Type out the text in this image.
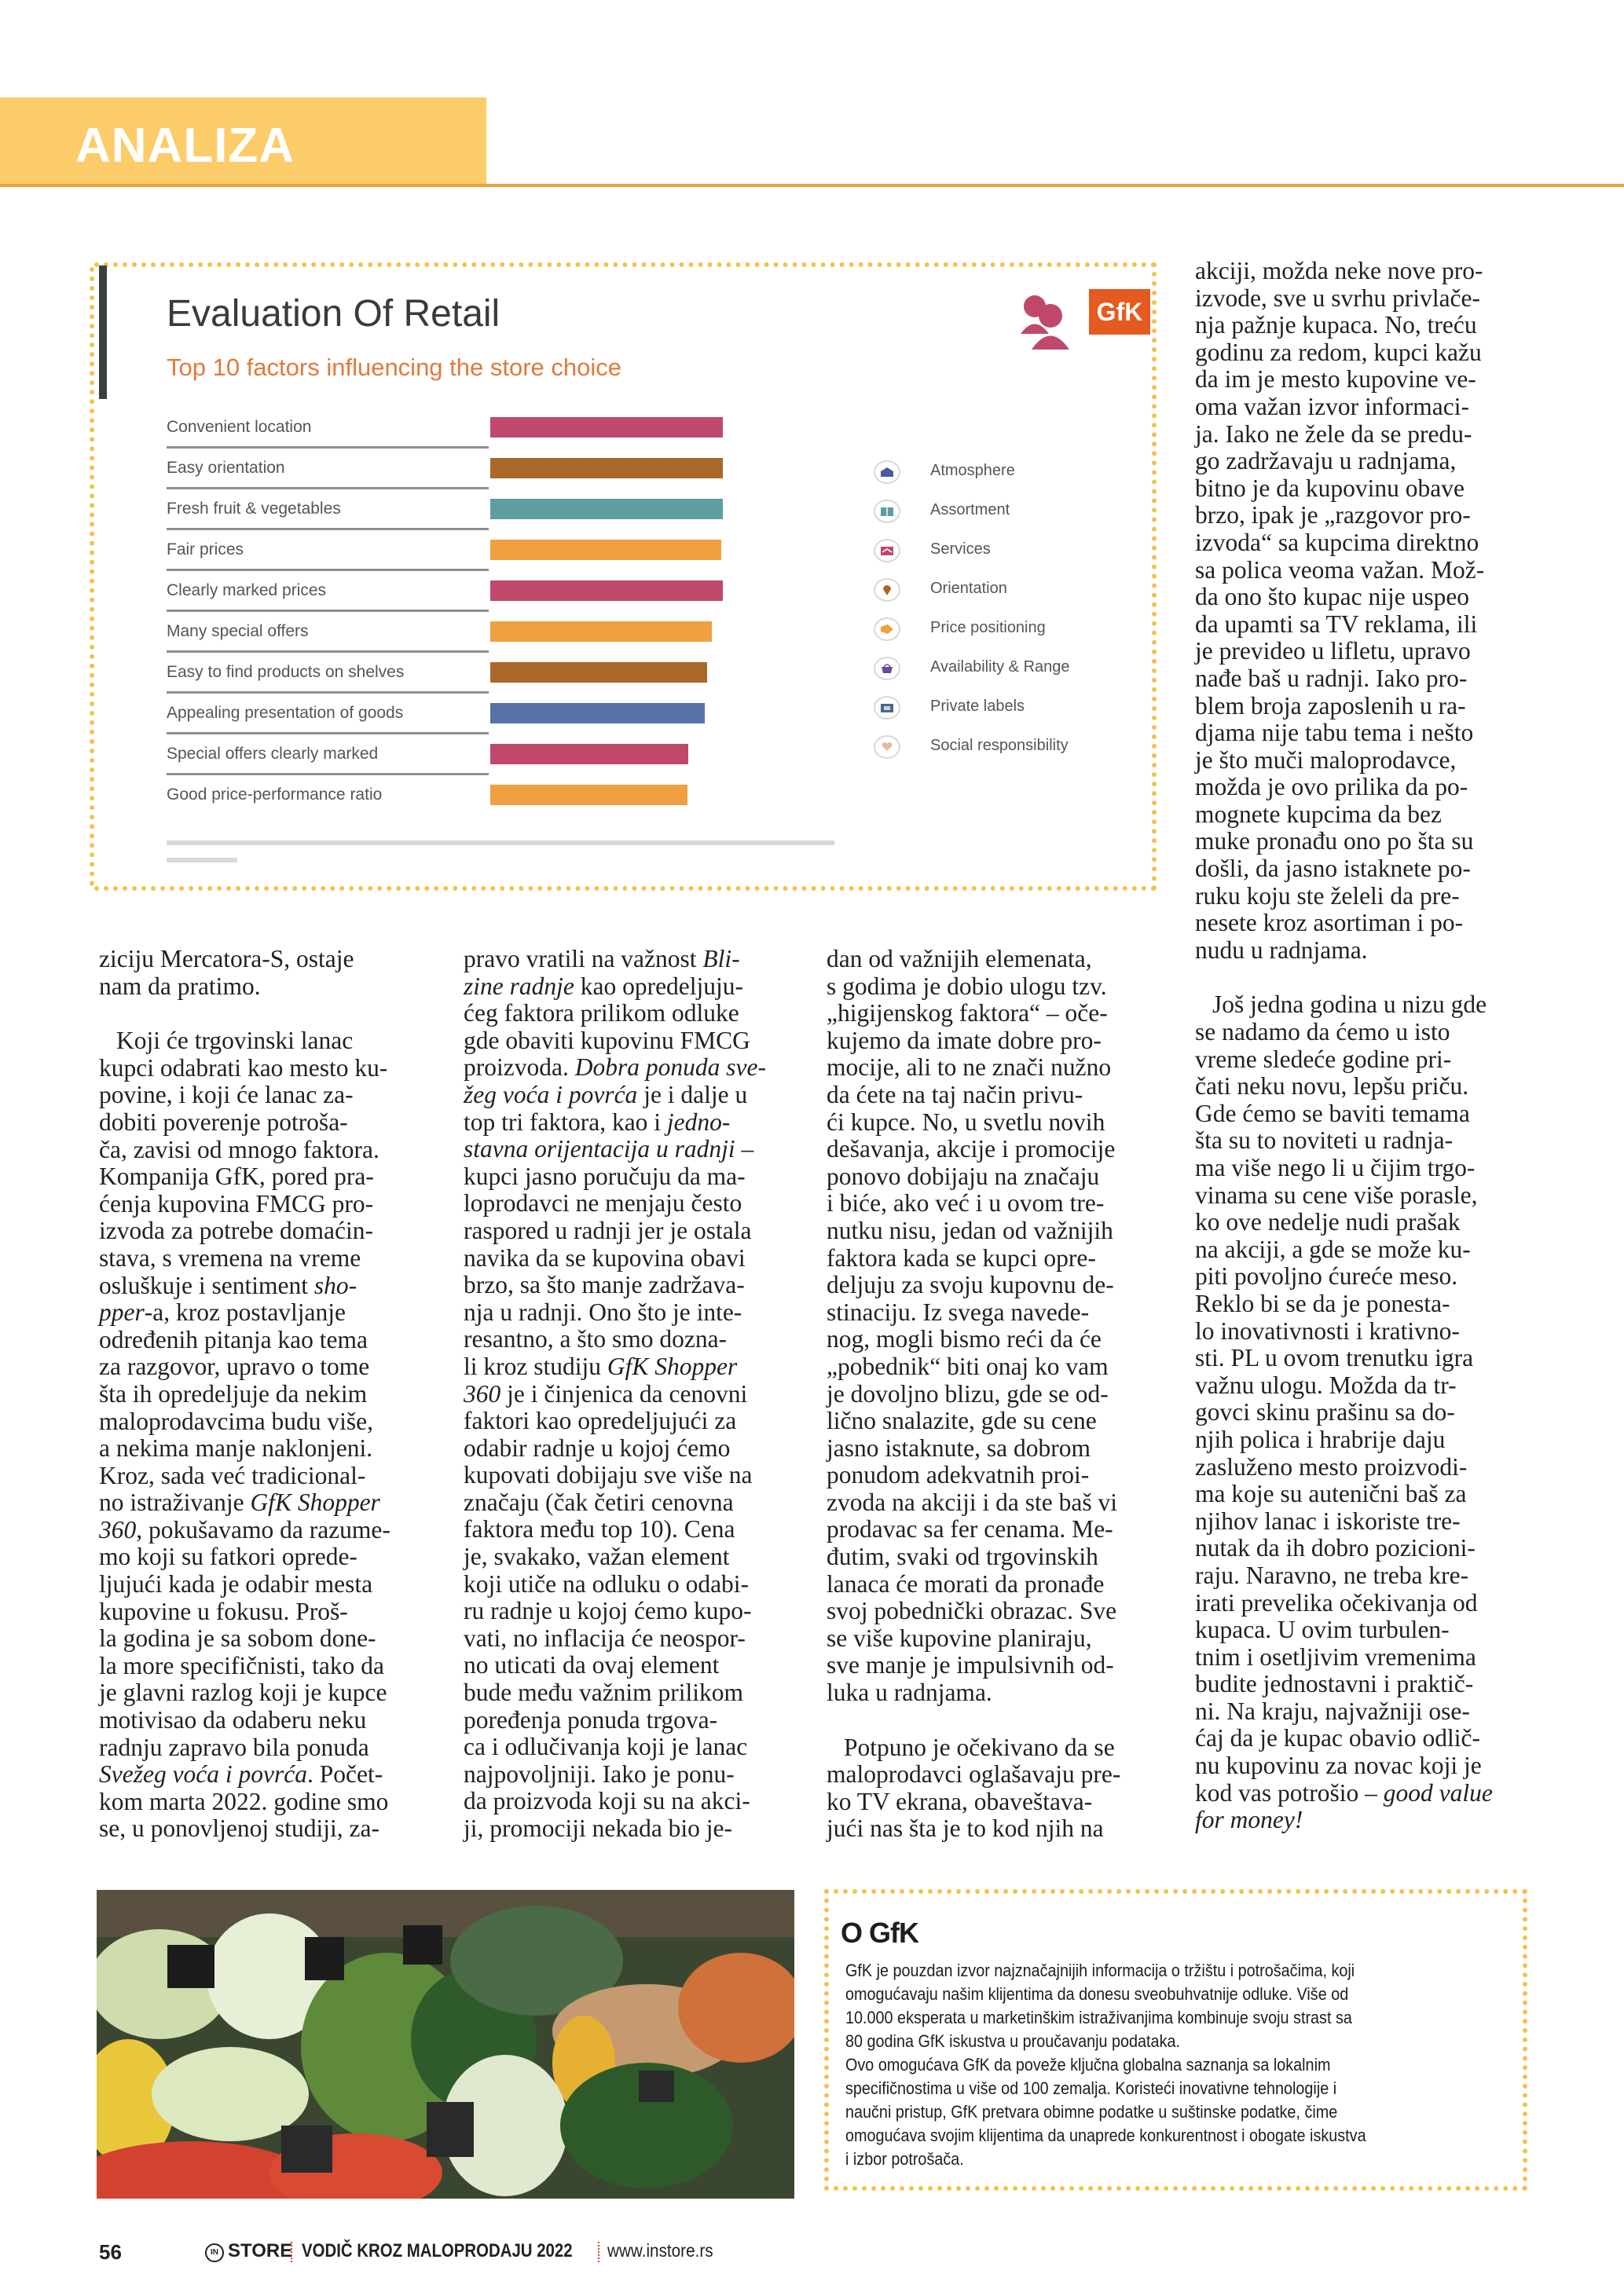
ANALIZA
Evaluation Of Retail
Top 10 factors influencing the store choice
GfK
Convenient location
Easy orientation
Fresh fruit & vegetables
Fair prices
Clearly marked prices
Many special offers
Easy to find products on shelves
Appealing presentation of goods
Special offers clearly marked
Good price-performance ratio
Atmosphere
Assortment
Services
Orientation
Price positioning
Availability & Range
Private labels
Social responsibility

ziciju Mercatora-S, ostaje
nam da pratimo.

Koji će trgovinski lanac
kupci odabrati kao mesto ku-
povine, i koji će lanac za-
dobiti poverenje potroša-
ča, zavisi od mnogo faktora.
Kompanija GfK, pored pra-
ćenja kupovina FMCG pro-
izvoda za potrebe domaćin-
stava, s vremena na vreme
osluškuje i sentiment sho-
pper-a, kroz postavljanje
određenih pitanja kao tema
za razgovor, upravo o tome
šta ih opredeljuje da nekim
maloprodavcima budu više,
a nekima manje naklonjeni.
Kroz, sada već tradicional-
no istraživanje GfK Shopper
360, pokušavamo da razume-
mo koji su fatkori oprede-
ljujući kada je odabir mesta
kupovine u fokusu. Proš-
la godina je sa sobom done-
la more specifičnisti, tako da
je glavni razlog koji je kupce
motivisao da odaberu neku
radnju zapravo bila ponuda
Svežeg voća i povrća. Počet-
kom marta 2022. godine smo
se, u ponovljenoj studiji, za-

pravo vratili na važnost Bli-
zine radnje kao opredeljuju-
ćeg faktora prilikom odluke
gde obaviti kupovinu FMCG
proizvoda. Dobra ponuda sve-
žeg voća i povrća je i dalje u
top tri faktora, kao i jedno-
stavna orijentacija u radnji –
kupci jasno poručuju da ma-
loprodavci ne menjaju često
raspored u radnji jer je ostala
navika da se kupovina obavi
brzo, sa što manje zadržava-
nja u radnji. Ono što je inte-
resantno, a što smo dozna-
li kroz studiju GfK Shopper
360 je i činjenica da cenovni
faktori kao opredeljujući za
odabir radnje u kojoj ćemo
kupovati dobijaju sve više na
značaju (čak četiri cenovna
faktora među top 10). Cena
je, svakako, važan element
koji utiče na odluku o odabi-
ru radnje u kojoj ćemo kupo-
vati, no inflacija će neospor-
no uticati da ovaj element
bude među važnim prilikom
poređenja ponuda trgova-
ca i odlučivanja koji je lanac
najpovoljniji. Iako je ponu-
da proizvoda koji su na akci-
ji, promociji nekada bio je-

dan od važnijih elemenata,
s godima je dobio ulogu tzv.
„higijenskog faktora“ – oče-
kujemo da imate dobre pro-
mocije, ali to ne znači nužno
da ćete na taj način privu-
ći kupce. No, u svetlu novih
dešavanja, akcije i promocije
ponovo dobijaju na značaju
i biće, ako već i u ovom tre-
nutku nisu, jedan od važnijih
faktora kada se kupci opre-
deljuju za svoju kupovnu de-
stinaciju. Iz svega navede-
nog, mogli bismo reći da će
„pobednik“ biti onaj ko vam
je dovoljno blizu, gde se od-
lično snalazite, gde su cene
jasno istaknute, sa dobrom
ponudom adekvatnih proi-
zvoda na akciji i da ste baš vi
prodavac sa fer cenama. Me-
đutim, svaki od trgovinskih
lanaca će morati da pronađe
svoj pobednički obrazac. Sve
se više kupovine planiraju,
sve manje je impulsivnih od-
luka u radnjama.

Potpuno je očekivano da se
maloprodavci oglašavaju pre-
ko TV ekrana, obaveštava-
jući nas šta je to kod njih na

akciji, možda neke nove pro-
izvode, sve u svrhu privlače-
nja pažnje kupaca. No, treću
godinu za redom, kupci kažu
da im je mesto kupovine ve-
oma važan izvor informaci-
ja. Iako ne žele da se predu-
go zadržavaju u radnjama,
bitno je da kupovinu obave
brzo, ipak je „razgovor pro-
izvoda“ sa kupcima direktno
sa polica veoma važan. Mož-
da ono što kupac nije uspeo
da upamti sa TV reklama, ili
je previdео u lifletu, upravo
nađe baš u radnji. Iako pro-
blem broja zaposlenih u ra-
djama nije tabu tema i nešto
je što muči maloprodavce,
možda je ovo prilika da po-
mognete kupcima da bez
muke pronađu ono po šta su
došli, da jasno istaknete po-
ruku koju ste želeli da pre-
nesete kroz asortiman i po-
nudu u radnjama.

Još jedna godina u nizu gde
se nadamo da ćemo u isto
vreme sledeće godine pri-
čati neku novu, lepšu priču.
Gde ćemo se baviti temama
šta su to noviteti u radnja-
ma više nego li u čijim trgo-
vinama su cene više porasle,
ko ove nedelje nudi prašak
na akciji, a gde se može ku-
piti povoljno ćureće meso.
Reklo bi se da je ponesta-
lo inovativnosti i krativno-
sti. PL u ovom trenutku igra
važnu ulogu. Možda da tr-
govci skinu prašinu sa do-
njih polica i hrabrije daju
zasluženo mesto proizvodi-
ma koje su autenični baš za
njihov lanac i iskoriste tre-
nutak da ih dobro pozicioni-
raju. Naravno, ne treba kre-
irati prevelika očekivanja od
kupaca. U ovim turbulen-
tnim i osetljivim vremenima
budite jednostavni i praktič-
ni. Na kraju, najvažniji ose-
ćaj da je kupac obavio odlič-
nu kupovinu za novac koji je
kod vas potrošio – good value
for money!

O GfK
GfK je pouzdan izvor najznačajnijih informacija o tržištu i potrošačima, koji
omogućavaju našim klijentima da donesu sveobuhvatnije odluke. Više od
10.000 eksperata u marketinškim istraživanjima kombinuje svoju strast sa
80 godina GfK iskustva u proučavanju podataka.
Ovo omogućava GfK da poveže ključna globalna saznanja sa lokalnim
specifičnostima u više od 100 zemalja. Koristeći inovativne tehnologije i
naučni pristup, GfK pretvara obimne podatke u suštinske podatke, čime
omogućava svojim klijentima da unaprede konkurentnost i obogate iskustva
i izbor potrošača.
56	IN STORE VODIČ KROZ MALOPRODAJU 2022 www.instore.rs
